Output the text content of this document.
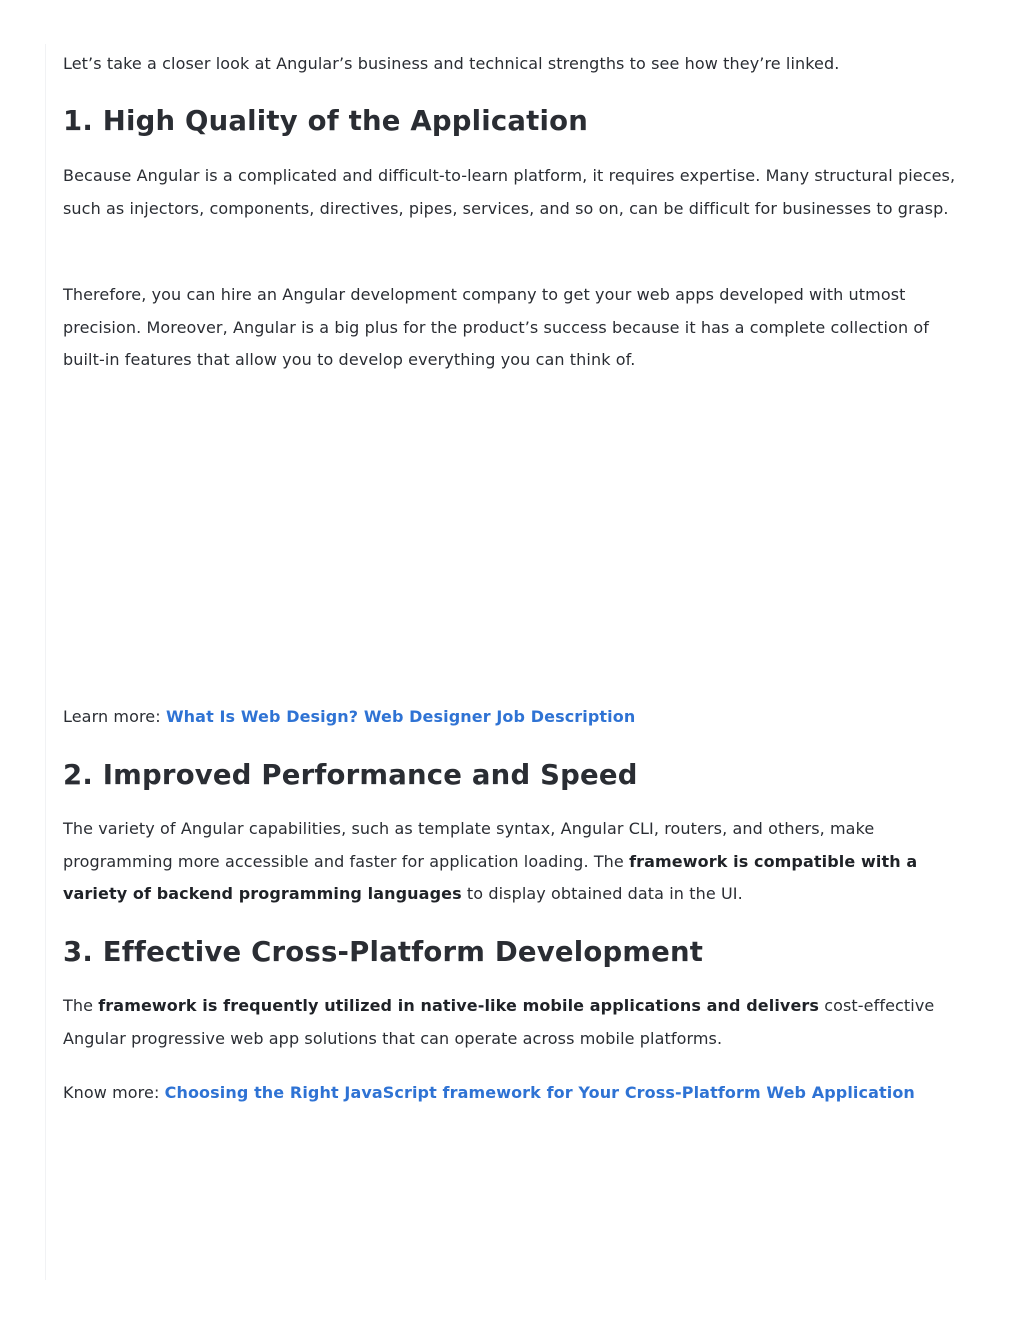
Let’s take a closer look at Angular’s business and technical strengths to see how they’re linked.

1. High Quality of the Application

Because Angular is a complicated and difficult-to-learn platform, it requires expertise. Many structural pieces, such as injectors, components, directives, pipes, services, and so on, can be difficult for businesses to grasp.

Therefore, you can hire an Angular development company to get your web apps developed with utmost precision. Moreover, Angular is a big plus for the product’s success because it has a complete collection of built-in features that allow you to develop everything you can think of.

Learn more: What Is Web Design? Web Designer Job Description

2. Improved Performance and Speed

The variety of Angular capabilities, such as template syntax, Angular CLI, routers, and others, make programming more accessible and faster for application loading. The framework is compatible with a variety of backend programming languages to display obtained data in the UI.

3. Effective Cross-Platform Development

The framework is frequently utilized in native-like mobile applications and delivers cost-effective Angular progressive web app solutions that can operate across mobile platforms.

Know more: Choosing the Right JavaScript framework for Your Cross-Platform Web Application
